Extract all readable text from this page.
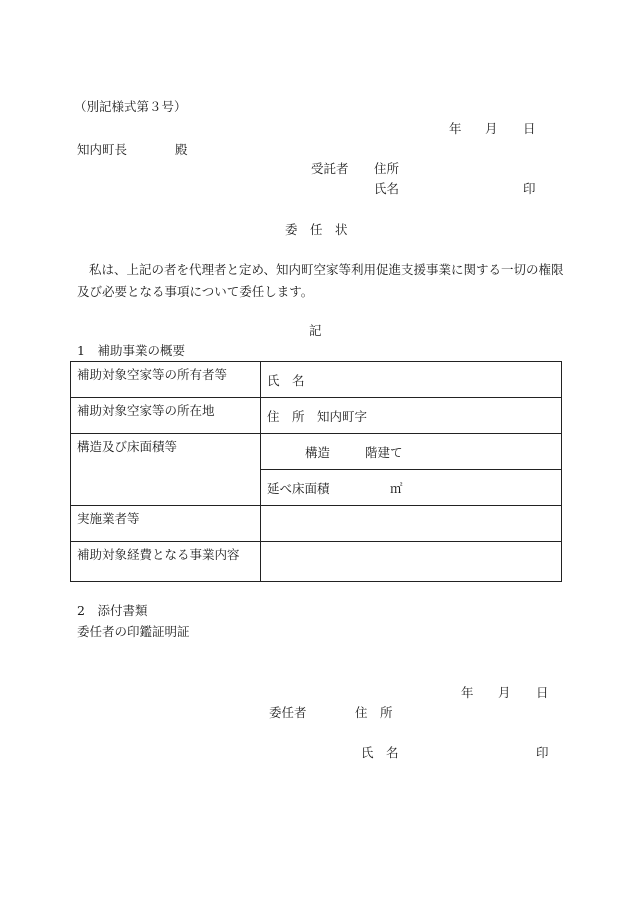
（別記様式第３号）
年 月 日
知内町長	殿
受託者 住所
氏名	印
委　任　状
私は、上記の者を代理者と定め、知内町空家等利用促進支援事業に関する一切の権限
及び必要となる事項について委任します。
記
1　補助事業の概要
補助対象空家等の所有者等	氏　名

補助対象空家等の所在地	住　所　知内町字

構造及び床面積等	構造 階建て

	延べ床面積 ㎡

実施業者等	

補助対象経費となる事業内容	

2　添付書類
委任者の印鑑証明証
年 月 日
委任者	住　所
氏　名	印
